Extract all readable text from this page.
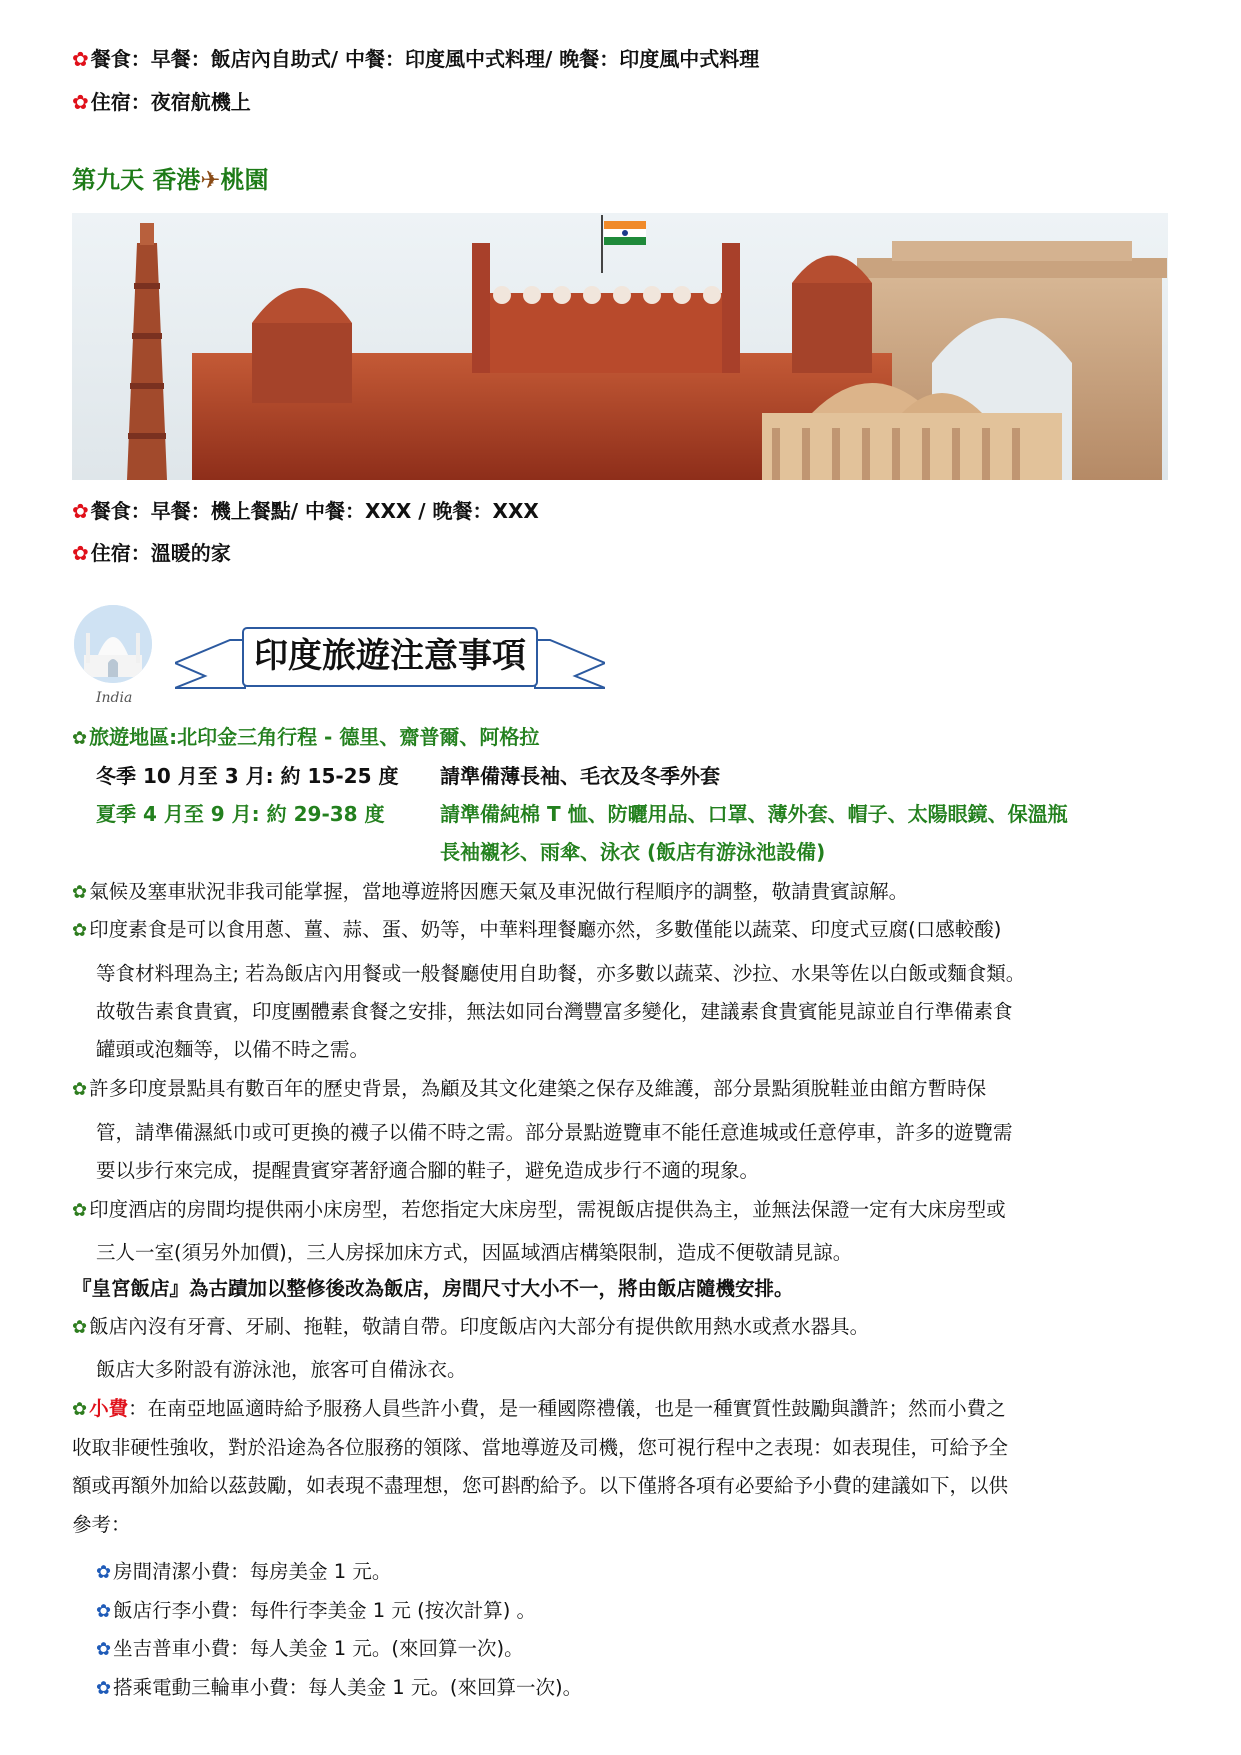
✿ 餐食：早餐：飯店內自助式/ 中餐：印度風中式料理/ 晚餐：印度風中式料理
✿ 住宿：夜宿航機上
第九天 香港✈桃園
✿ 餐食：早餐：機上餐點/ 中餐：XXX / 晚餐：XXX
✿ 住宿：溫暖的家
India
印度旅遊注意事項
✿ 旅遊地區:北印金三角行程 - 德里、齋普爾、阿格拉
冬季 10 月至 3 月: 約 15-25 度 請準備薄長袖、毛衣及冬季外套
夏季 4 月至 9 月: 約 29-38 度	請準備純棉 T 恤、防曬用品、口罩、薄外套、帽子、太陽眼鏡、保溫瓶
長袖襯衫、雨傘、泳衣 (飯店有游泳池設備)
✿ 氣候及塞車狀況非我司能掌握，當地導遊將因應天氣及車況做行程順序的調整，敬請貴賓諒解。
✿ 印度素食是可以食用蔥、薑、蒜、蛋、奶等，中華料理餐廳亦然，多數僅能以蔬菜、印度式豆腐(口感較酸)
等食材料理為主; 若為飯店內用餐或一般餐廳使用自助餐，亦多數以蔬菜、沙拉、水果等佐以白飯或麵食類。
故敬告素食貴賓，印度團體素食餐之安排，無法如同台灣豐富多變化，建議素食貴賓能見諒並自行準備素食
罐頭或泡麵等，以備不時之需。
✿ 許多印度景點具有數百年的歷史背景，為顧及其文化建築之保存及維護，部分景點須脫鞋並由館方暫時保
管，請準備濕紙巾或可更換的襪子以備不時之需。部分景點遊覽車不能任意進城或任意停車，許多的遊覽需
要以步行來完成，提醒貴賓穿著舒適合腳的鞋子，避免造成步行不適的現象。
✿ 印度酒店的房間均提供兩小床房型，若您指定大床房型，需視飯店提供為主，並無法保證一定有大床房型或
三人一室(須另外加價)，三人房採加床方式，因區域酒店構築限制，造成不便敬請見諒。
『皇宮飯店』為古蹟加以整修後改為飯店，房間尺寸大小不一，將由飯店隨機安排。
✿ 飯店內沒有牙膏、牙刷、拖鞋，敬請自帶。印度飯店內大部分有提供飲用熱水或煮水器具。
飯店大多附設有游泳池，旅客可自備泳衣。
✿ 小費：在南亞地區適時給予服務人員些許小費，是一種國際禮儀，也是一種實質性鼓勵與讚許；然而小費之
收取非硬性強收，對於沿途為各位服務的領隊、當地導遊及司機，您可視行程中之表現：如表現佳，可給予全
額或再額外加給以茲鼓勵，如表現不盡理想，您可斟酌給予。以下僅將各項有必要給予小費的建議如下，以供
參考：
✿ 房間清潔小費：每房美金 1 元。
✿ 飯店行李小費：每件行李美金 1 元 (按次計算) 。
✿ 坐吉普車小費：每人美金 1 元。(來回算一次)。
✿ 搭乘電動三輪車小費：每人美金 1 元。(來回算一次)。
